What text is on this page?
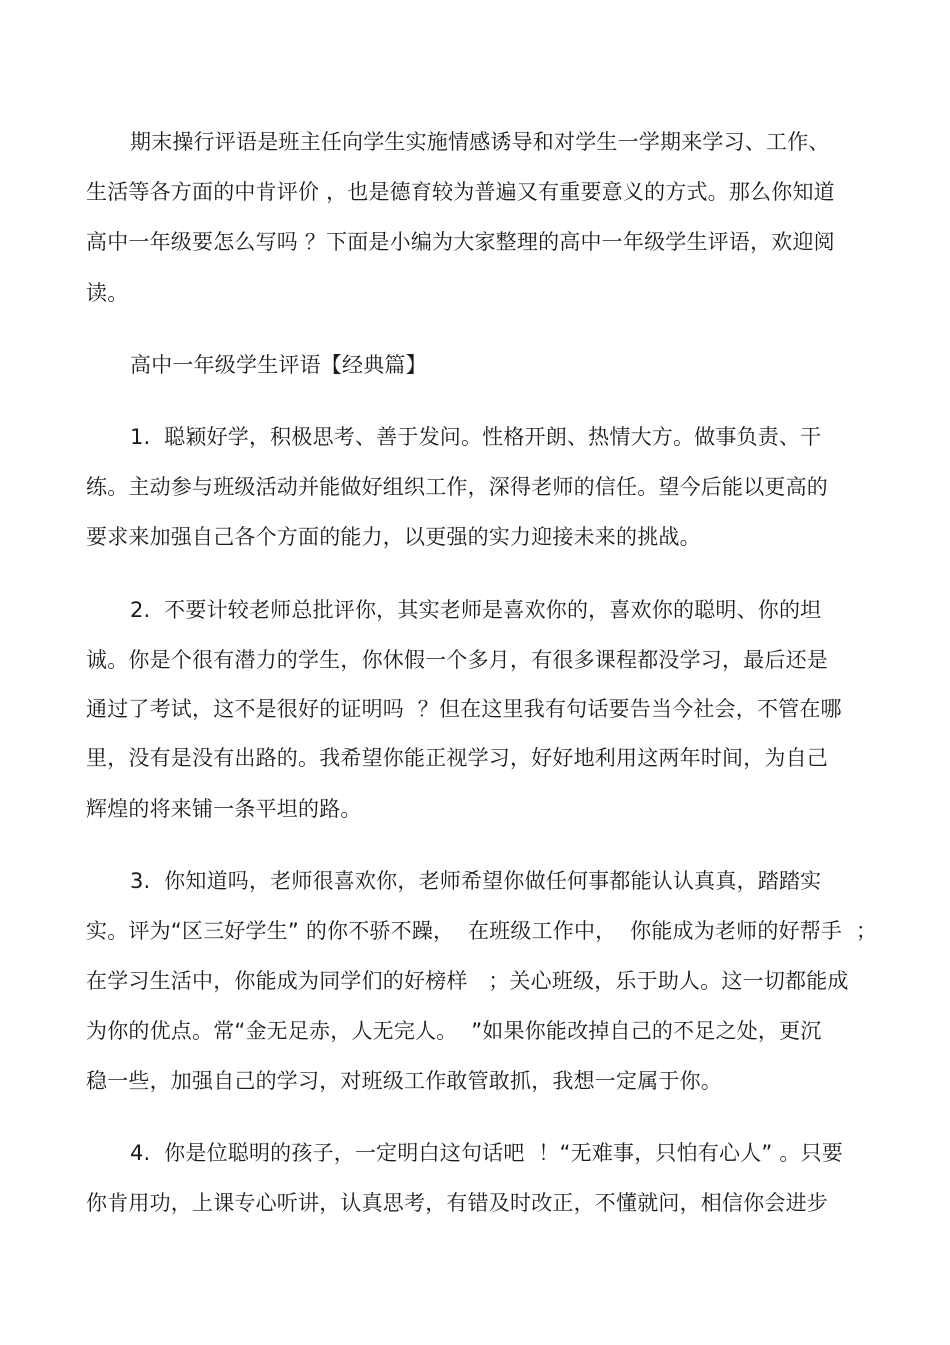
期末操行评语是班主任向学生实施情感诱导和对学生一学期来学习、工作、
生活等各方面的中肯评价 ，也是德育较为普遍又有重要意义的方式。那么你知道
高中一年级要怎么写吗 ？下面是小编为大家整理的高中一年级学生评语，欢迎阅
读。
高中一年级学生评语【经典篇】
1.  聪颖好学，积极思考、善于发问。性格开朗、热情大方。做事负责、干
练。主动参与班级活动并能做好组织工作，深得老师的信任。望今后能以更高的
要求来加强自己各个方面的能力，以更强的实力迎接未来的挑战。
2.  不要计较老师总批评你，其实老师是喜欢你的，喜欢你的聪明、你的坦
诚。你是个很有潜力的学生，你休假一个多月，有很多课程都没学习，最后还是
通过了考试，这不是很好的证明吗  ？但在这里我有句话要告当今社会，不管在哪
里，没有是没有出路的。我希望你能正视学习，好好地利用这两年时间，为自己
辉煌的将来铺一条平坦的路。
3.  你知道吗，老师很喜欢你，老师希望你做任何事都能认认真真，踏踏实
实。评为“区三好学生” 的你不骄不躁，  在班级工作中，  你能成为老师的好帮手  ；
在学习生活中，你能成为同学们的好榜样   ；关心班级，乐于助人。这一切都能成
为你的优点。常“金无足赤，人无完人。  ”如果你能改掉自己的不足之处，更沉
稳一些，加强自己的学习，对班级工作敢管敢抓，我想一定属于你。
4.  你是位聪明的孩子，一定明白这句话吧  ！“无难事，只怕有心人” 。只要
你肯用功，上课专心听讲，认真思考，有错及时改正，不懂就问，相信你会进步
